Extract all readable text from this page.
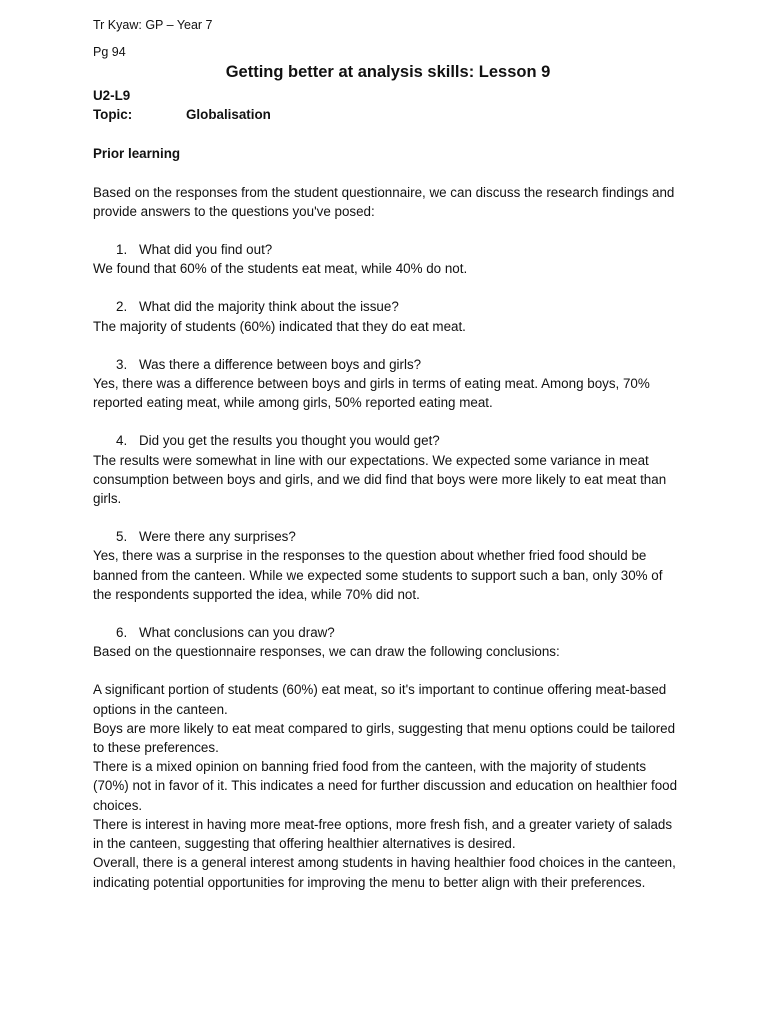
Tr Kyaw: GP – Year 7

Pg 94

Getting better at analysis skills: Lesson 9

U2-L9

Topic:	Globalisation

Prior learning

Based on the responses from the student questionnaire, we can discuss the research findings and provide answers to the questions you've posed:

1. What did you find out?

We found that 60% of the students eat meat, while 40% do not.

2. What did the majority think about the issue?

The majority of students (60%) indicated that they do eat meat.

3. Was there a difference between boys and girls?

Yes, there was a difference between boys and girls in terms of eating meat. Among boys, 70% reported eating meat, while among girls, 50% reported eating meat.

4. Did you get the results you thought you would get?

The results were somewhat in line with our expectations. We expected some variance in meat consumption between boys and girls, and we did find that boys were more likely to eat meat than girls.

5. Were there any surprises?

Yes, there was a surprise in the responses to the question about whether fried food should be banned from the canteen. While we expected some students to support such a ban, only 30% of the respondents supported the idea, while 70% did not.

6. What conclusions can you draw?

Based on the questionnaire responses, we can draw the following conclusions:

A significant portion of students (60%) eat meat, so it's important to continue offering meat-based options in the canteen.

Boys are more likely to eat meat compared to girls, suggesting that menu options could be tailored to these preferences.

There is a mixed opinion on banning fried food from the canteen, with the majority of students (70%) not in favor of it. This indicates a need for further discussion and education on healthier food choices.

There is interest in having more meat-free options, more fresh fish, and a greater variety of salads in the canteen, suggesting that offering healthier alternatives is desired.

Overall, there is a general interest among students in having healthier food choices in the canteen, indicating potential opportunities for improving the menu to better align with their preferences.
